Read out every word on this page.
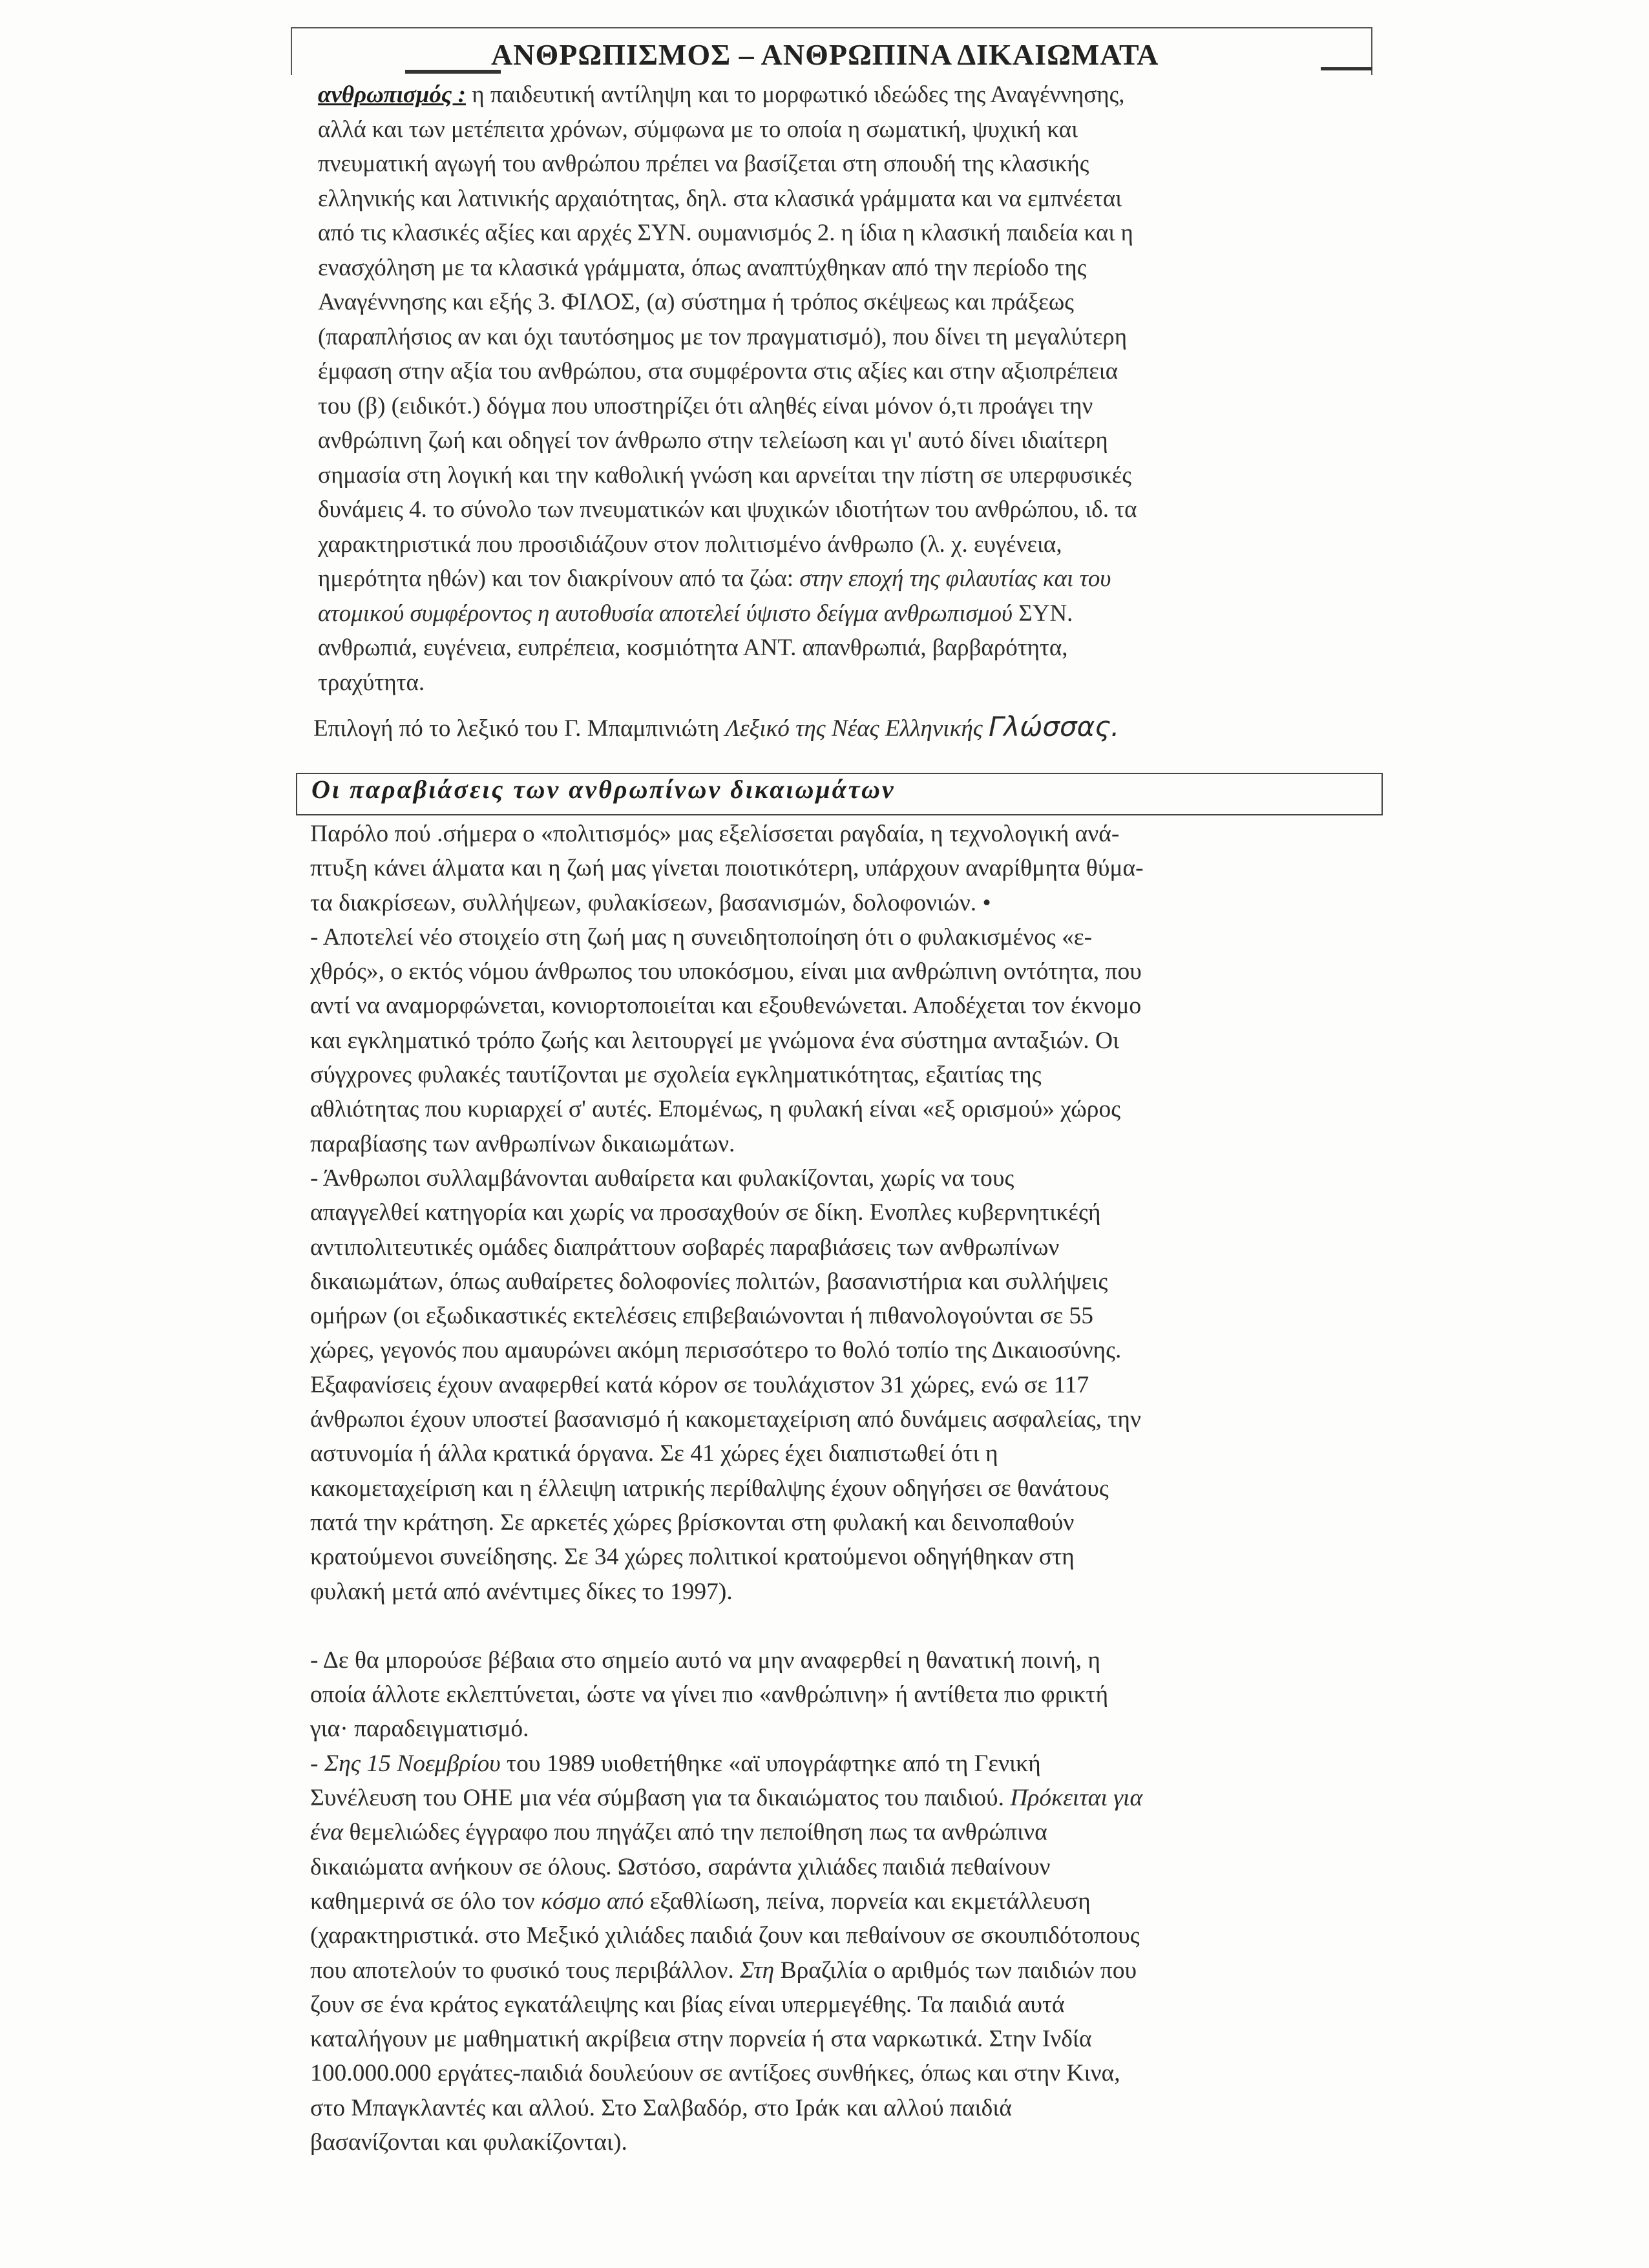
ΑΝΘΡΩΠΙΣΜΟΣ – ΑΝΘΡΩΠΙΝΑ ΔΙΚΑΙΩΜΑΤΑ
ανθρωπισμός : η παιδευτική αντίληψη και το μορφωτικό ιδεώδες της Αναγέννησης,
αλλά και των μετέπειτα χρόνων, σύμφωνα με το οποία η σωματική, ψυχική και
πνευματική αγωγή του ανθρώπου πρέπει να βασίζεται στη σπουδή της κλασικής
ελληνικής και λατινικής αρχαιότητας, δηλ. στα κλασικά γράμματα και να εμπνέεται
από τις κλασικές αξίες και αρχές ΣΥΝ. ουμανισμός 2. η ίδια η κλασική παιδεία και η
ενασχόληση με τα κλασικά γράμματα, όπως αναπτύχθηκαν από την περίοδο της
Αναγέννησης και εξής 3. ΦΙΛΟΣ, (α) σύστημα ή τρόπος σκέψεως και πράξεως
(παραπλήσιος αν και όχι ταυτόσημος με τον πραγματισμό), που δίνει τη μεγαλύτερη
έμφαση στην αξία του ανθρώπου, στα συμφέροντα στις αξίες και στην αξιοπρέπεια
του (β) (ειδικότ.) δόγμα που υποστηρίζει ότι αληθές είναι μόνον ό,τι προάγει την
ανθρώπινη ζωή και οδηγεί τον άνθρωπο στην τελείωση και γι' αυτό δίνει ιδιαίτερη
σημασία στη λογική και την καθολική γνώση και αρνείται την πίστη σε υπερφυσικές
δυνάμεις 4. το σύνολο των πνευματικών και ψυχικών ιδιοτήτων του ανθρώπου, ιδ. τα
χαρακτηριστικά που προσιδιάζουν στον πολιτισμένο άνθρωπο (λ. χ. ευγένεια,
ημερότητα ηθών) και τον διακρίνουν από τα ζώα: στην εποχή της φιλαυτίας και του
ατομικού συμφέροντος η αυτοθυσία αποτελεί ύψιστο δείγμα ανθρωπισμού ΣΥΝ.
ανθρωπιά, ευγένεια, ευπρέπεια, κοσμιότητα ΑΝΤ. απανθρωπιά, βαρβαρότητα,
τραχύτητα.
Επιλογή πό το λεξικό του Γ. Μπαμπινιώτη Λεξικό της Νέας Ελληνικής Γλώσσας.
Οι παραβιάσεις των ανθρωπίνων δικαιωμάτων
Παρόλο πού .σήμερα ο «πολιτισμός» μας εξελίσσεται ραγδαία, η τεχνολογική ανά-
πτυξη κάνει άλματα και η ζωή μας γίνεται ποιοτικότερη, υπάρχουν αναρίθμητα θύμα-
τα διακρίσεων, συλλήψεων, φυλακίσεων, βασανισμών, δολοφονιών. •
- Αποτελεί νέο στοιχείο στη ζωή μας η συνειδητοποίηση ότι ο φυλακισμένος «ε-
χθρός», ο εκτός νόμου άνθρωπος του υποκόσμου, είναι μια ανθρώπινη οντότητα, που
αντί να αναμορφώνεται, κονιορτοποιείται και εξουθενώνεται. Αποδέχεται τον έκνομο
και εγκληματικό τρόπο ζωής και λειτουργεί με γνώμονα ένα σύστημα ανταξιών. Οι
σύγχρονες φυλακές ταυτίζονται με σχολεία εγκληματικότητας, εξαιτίας της
αθλιότητας που κυριαρχεί σ' αυτές. Επομένως, η φυλακή είναι «εξ ορισμού» χώρος
παραβίασης των ανθρωπίνων δικαιωμάτων.
- Άνθρωποι συλλαμβάνονται αυθαίρετα και φυλακίζονται, χωρίς να τους
απαγγελθεί κατηγορία και χωρίς να προσαχθούν σε δίκη. Ενοπλες κυβερνητικέςή
αντιπολιτευτικές ομάδες διαπράττουν σοβαρές παραβιάσεις των ανθρωπίνων
δικαιωμάτων, όπως αυθαίρετες δολοφονίες πολιτών, βασανιστήρια και συλλήψεις
ομήρων (οι εξωδικαστικές εκτελέσεις επιβεβαιώνονται ή πιθανολογούνται σε 55
χώρες, γεγονός που αμαυρώνει ακόμη περισσότερο το θολό τοπίο της Δικαιοσύνης.
Εξαφανίσεις έχουν αναφερθεί κατά κόρον σε τουλάχιστον 31 χώρες, ενώ σε 117
άνθρωποι έχουν υποστεί βασανισμό ή κακομεταχείριση από δυνάμεις ασφαλείας, την
αστυνομία ή άλλα κρατικά όργανα. Σε 41 χώρες έχει διαπιστωθεί ότι η
κακομεταχείριση και η έλλειψη ιατρικής περίθαλψης έχουν οδηγήσει σε θανάτους
πατά την κράτηση. Σε αρκετές χώρες βρίσκονται στη φυλακή και δεινοπαθούν
κρατούμενοι συνείδησης. Σε 34 χώρες πολιτικοί κρατούμενοι οδηγήθηκαν στη
φυλακή μετά από ανέντιμες δίκες το 1997).
- Δε θα μπορούσε βέβαια στο σημείο αυτό να μην αναφερθεί η θανατική ποινή, η
οποία άλλοτε εκλεπτύνεται, ώστε να γίνει πιο «ανθρώπινη» ή αντίθετα πιο φρικτή
για· παραδειγματισμό.
- Σης 15 Νοεμβρίου του 1989 υιοθετήθηκε «αϊ υπογράφτηκε από τη Γενική
Συνέλευση του ΟΗΕ μια νέα σύμβαση για τα δικαιώματος του παιδιού. Πρόκειται για
ένα θεμελιώδες έγγραφο που πηγάζει από την πεποίθηση πως τα ανθρώπινα
δικαιώματα ανήκουν σε όλους. Ωστόσο, σαράντα χιλιάδες παιδιά πεθαίνουν
καθημερινά σε όλο τον κόσμο από εξαθλίωση, πείνα, πορνεία και εκμετάλλευση
(χαρακτηριστικά. στο Μεξικό χιλιάδες παιδιά ζουν και πεθαίνουν σε σκουπιδότοπους
που αποτελούν το φυσικό τους περιβάλλον. Στη Βραζιλία ο αριθμός των παιδιών που
ζουν σε ένα κράτος εγκατάλειψης και βίας είναι υπερμεγέθης. Τα παιδιά αυτά
καταλήγουν με μαθηματική ακρίβεια στην πορνεία ή στα ναρκωτικά. Στην Ινδία
100.000.000 εργάτες-παιδιά δουλεύουν σε αντίξοες συνθήκες, όπως και στην Κινα,
στο Μπαγκλαντές και αλλού. Στο Σαλβαδόρ, στο Ιράκ και αλλού παιδιά
βασανίζονται και φυλακίζονται).
